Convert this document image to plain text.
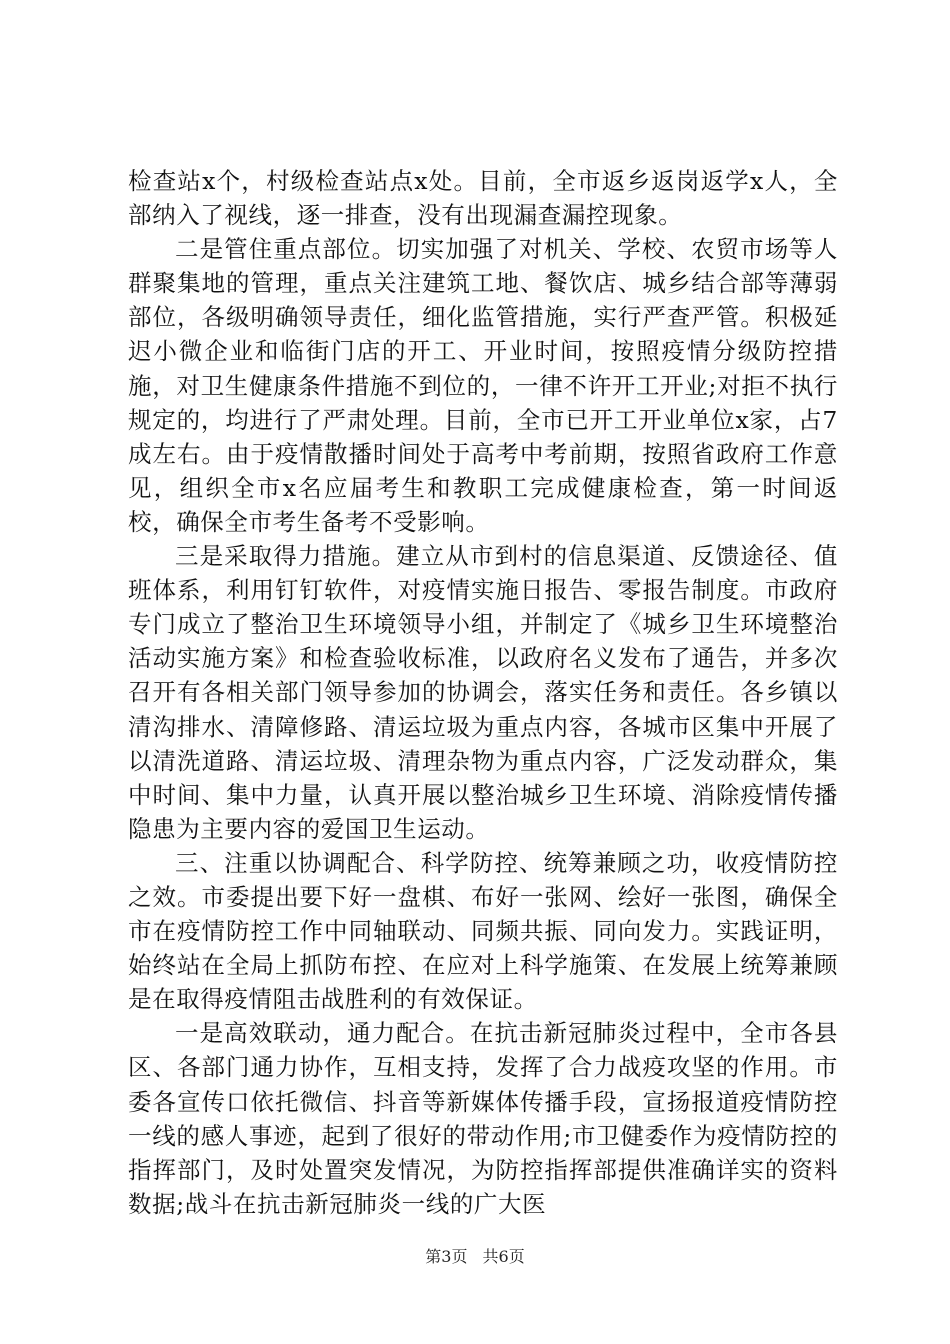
检查站x个，村级检查站点x处。目前，全市返乡返岗返学x人，全部纳入了视线，逐一排查，没有出现漏查漏控现象。

二是管住重点部位。切实加强了对机关、学校、农贸市场等人群聚集地的管理，重点关注建筑工地、餐饮店、城乡结合部等薄弱部位，各级明确领导责任，细化监管措施，实行严查严管。积极延迟小微企业和临街门店的开工、开业时间，按照疫情分级防控措施，对卫生健康条件措施不到位的，一律不许开工开业;对拒不执行规定的，均进行了严肃处理。目前，全市已开工开业单位x家，占7成左右。由于疫情散播时间处于高考中考前期，按照省政府工作意见，组织全市x名应届考生和教职工完成健康检查，第一时间返校，确保全市考生备考不受影响。

三是采取得力措施。建立从市到村的信息渠道、反馈途径、值班体系，利用钉钉软件，对疫情实施日报告、零报告制度。市政府专门成立了整治卫生环境领导小组，并制定了《城乡卫生环境整治活动实施方案》和检查验收标准，以政府名义发布了通告，并多次召开有各相关部门领导参加的协调会，落实任务和责任。各乡镇以清沟排水、清障修路、清运垃圾为重点内容，各城市区集中开展了以清洗道路、清运垃圾、清理杂物为重点内容，广泛发动群众，集中时间、集中力量，认真开展以整治城乡卫生环境、消除疫情传播隐患为主要内容的爱国卫生运动。

三、注重以协调配合、科学防控、统筹兼顾之功，收疫情防控之效。市委提出要下好一盘棋、布好一张网、绘好一张图，确保全市在疫情防控工作中同轴联动、同频共振、同向发力。实践证明，始终站在全局上抓防布控、在应对上科学施策、在发展上统筹兼顾是在取得疫情阻击战胜利的有效保证。

一是高效联动，通力配合。在抗击新冠肺炎过程中，全市各县区、各部门通力协作，互相支持，发挥了合力战疫攻坚的作用。市委各宣传口依托微信、抖音等新媒体传播手段，宣扬报道疫情防控一线的感人事迹，起到了很好的带动作用;市卫健委作为疫情防控的指挥部门，及时处置突发情况，为防控指挥部提供准确详实的资料数据;战斗在抗击新冠肺炎一线的广大医

第3页 共6页
